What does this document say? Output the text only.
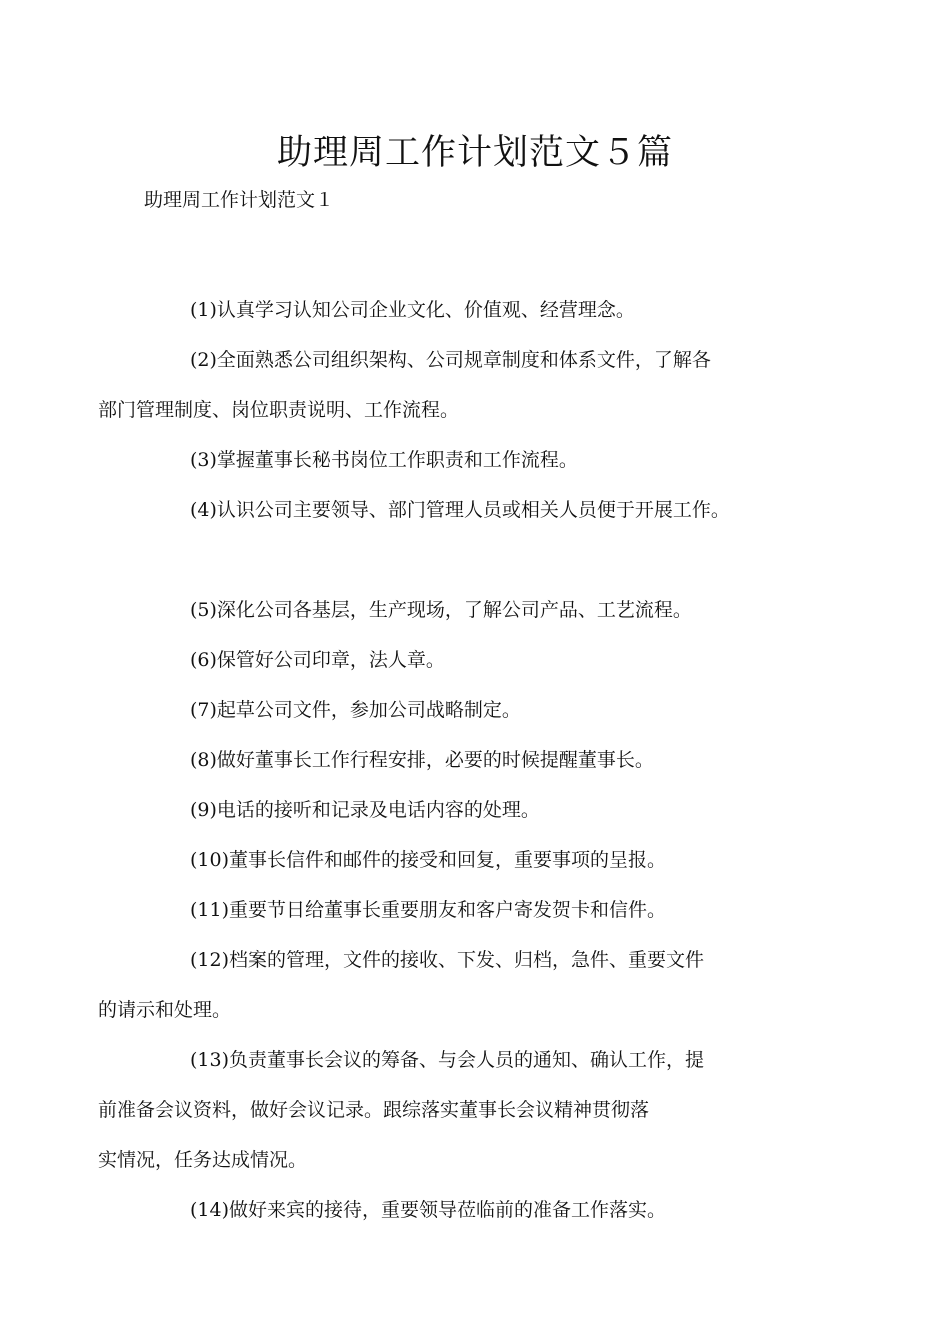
助理周工作计划范文５篇

助理周工作计划范文１

(1)认真学习认知公司企业文化、价值观、经营理念。

(2)全面熟悉公司组织架构、公司规章制度和体系文件，了解各
部门管理制度、岗位职责说明、工作流程。

(3)掌握董事长秘书岗位工作职责和工作流程。

(4)认识公司主要领导、部门管理人员或相关人员便于开展工作。

(5)深化公司各基层，生产现场，了解公司产品、工艺流程。

(6)保管好公司印章，法人章。

(7)起草公司文件，参加公司战略制定。

(8)做好董事长工作行程安排，必要的时候提醒董事长。

(9)电话的接听和记录及电话内容的处理。

(10)董事长信件和邮件的接受和回复，重要事项的呈报。

(11)重要节日给董事长重要朋友和客户寄发贺卡和信件。

(12)档案的管理，文件的接收、下发、归档，急件、重要文件
的请示和处理。

(13)负责董事长会议的筹备、与会人员的通知、确认工作，提
前准备会议资料，做好会议记录。跟综落实董事长会议精神贯彻落
实情况，任务达成情况。

(14)做好来宾的接待，重要领导莅临前的准备工作落实。
